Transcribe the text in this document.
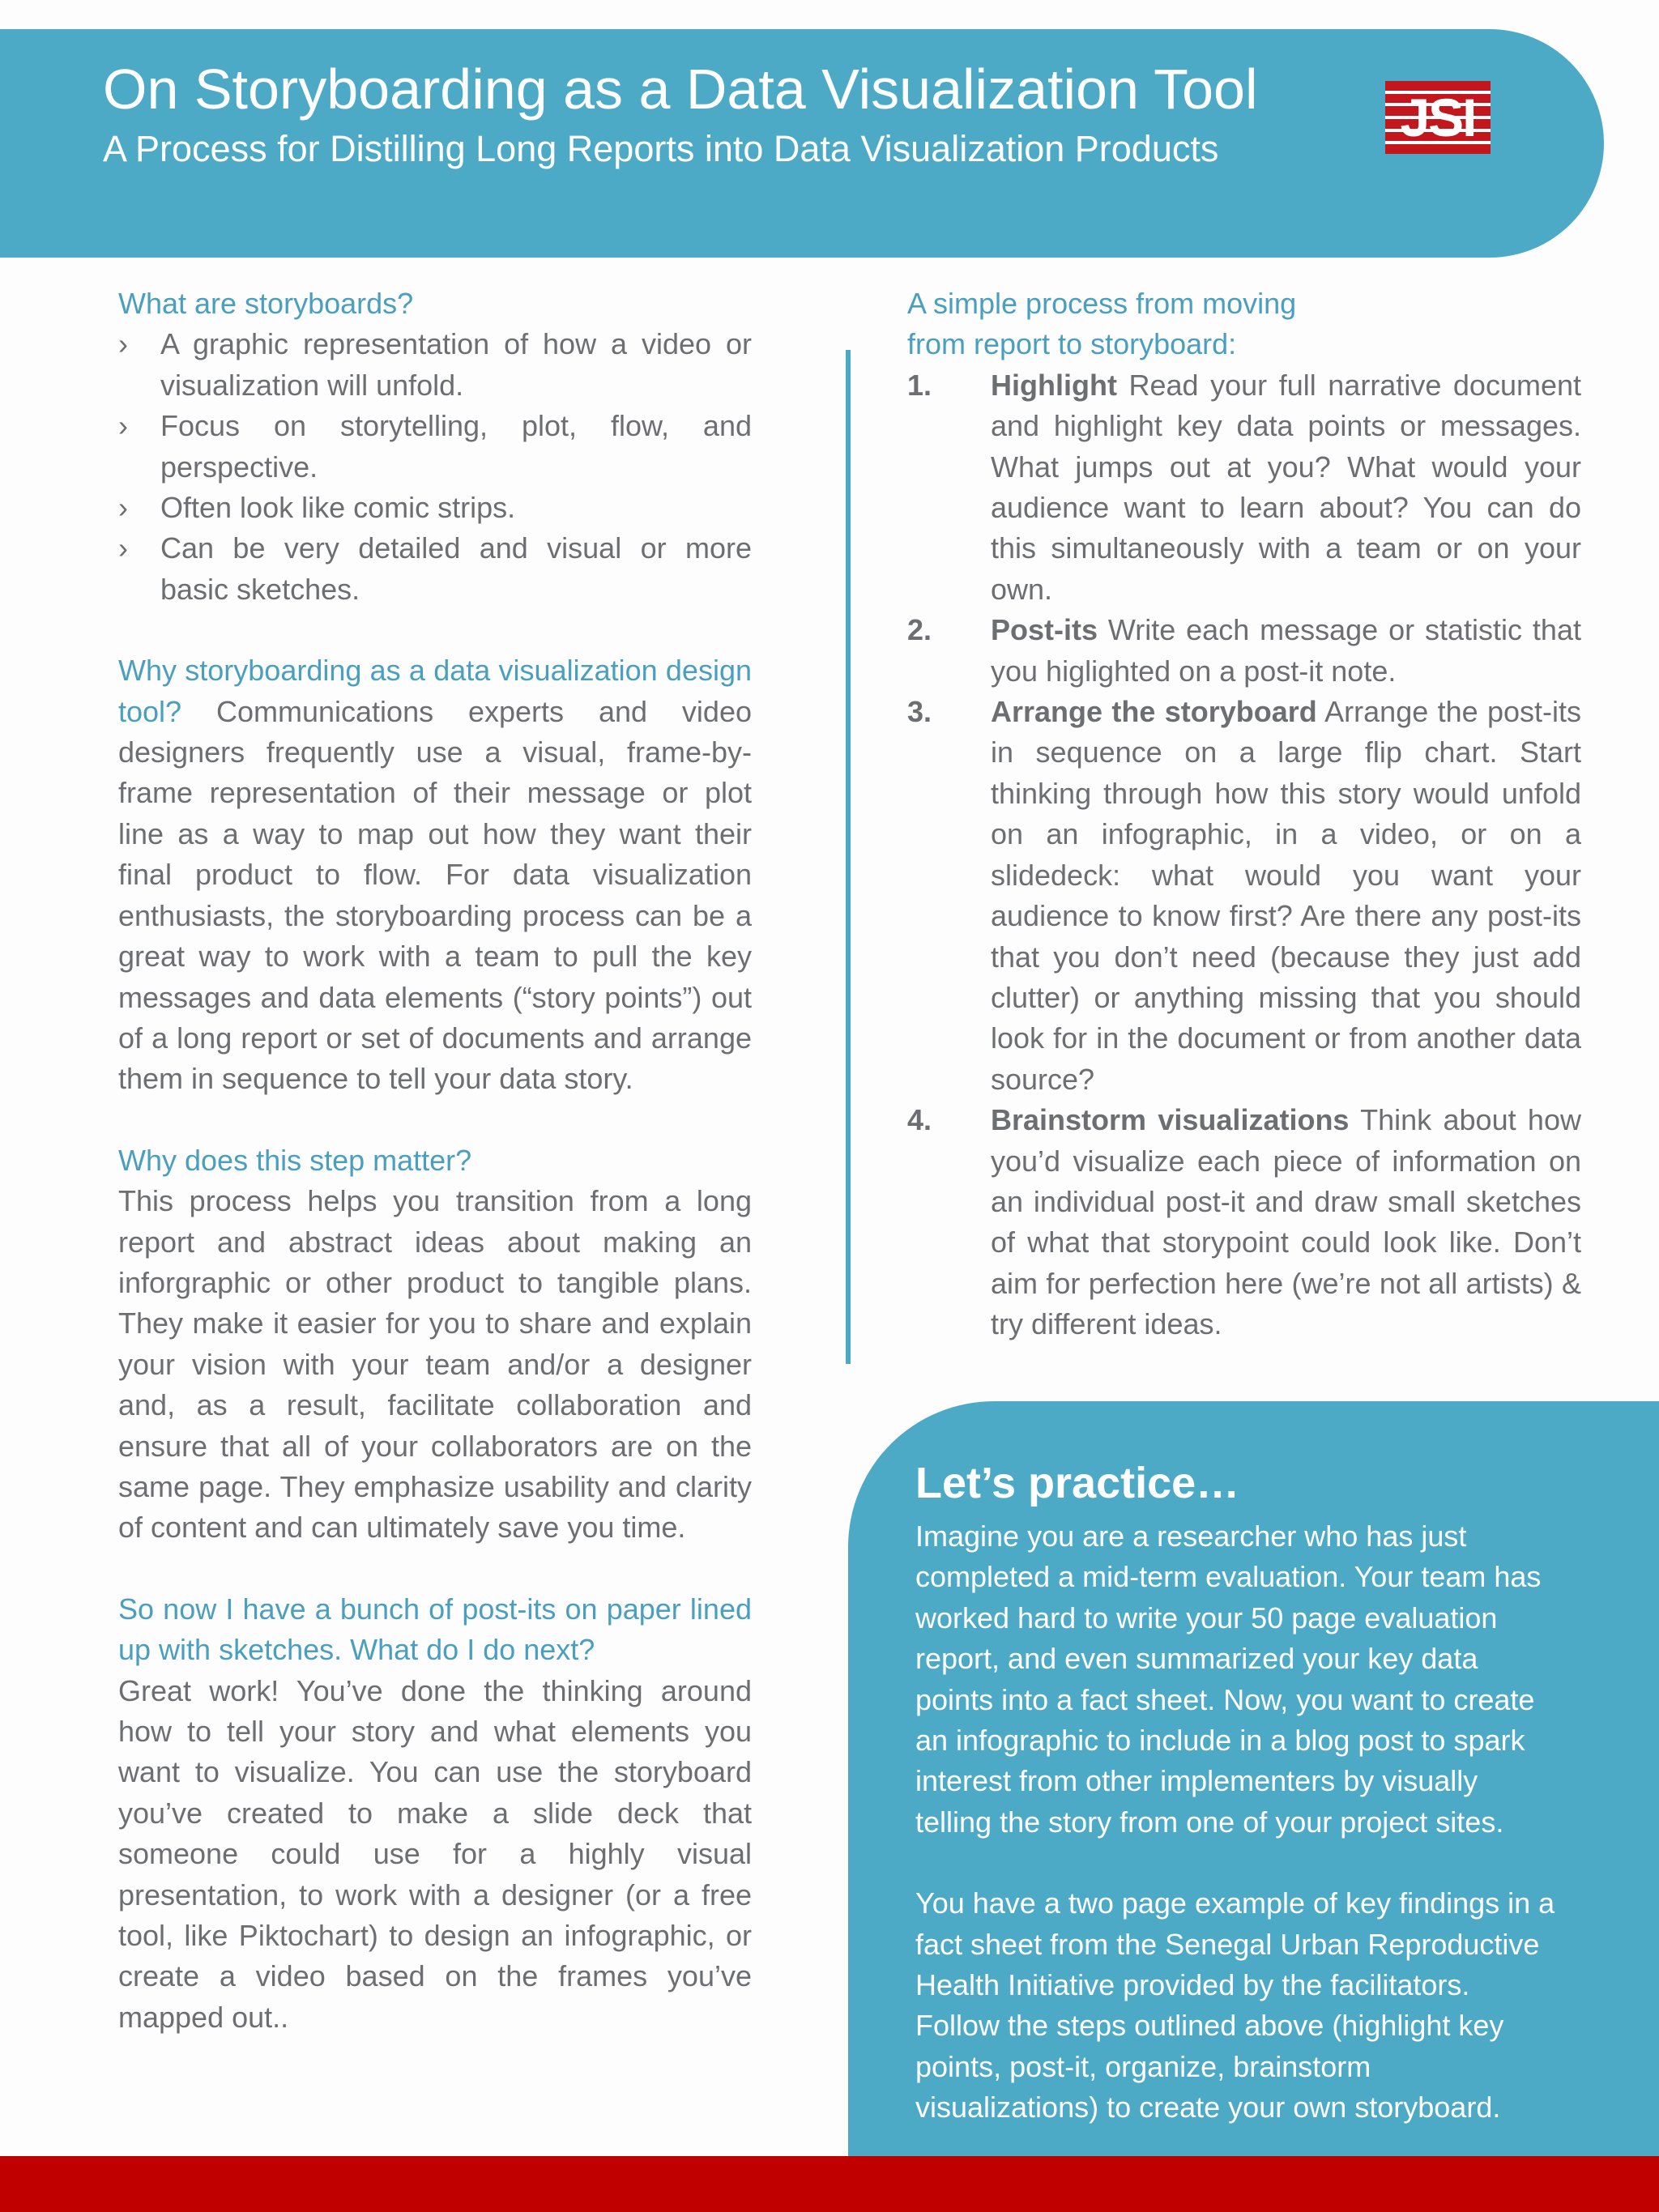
On Storyboarding as a Data Visualization Tool
A Process for Distilling Long Reports into Data Visualization Products
JSI
What are storyboards?
› A graphic representation of how a video or visualization will unfold.
› Focus on storytelling, plot, flow, and perspective.
› Often look like comic strips.
› Can be very detailed and visual or more basic sketches.
Why storyboarding as a data visualization design tool? Communications experts and video designers frequently use a visual, frame-by-frame representation of their message or plot line as a way to map out how they want their final product to flow. For data visualization enthusiasts, the storyboarding process can be a great way to work with a team to pull the key messages and data elements (“story points”) out of a long report or set of documents and arrange them in sequence to tell your data story.
Why does this step matter?
This process helps you transition from a long report and abstract ideas about making an inforgraphic or other product to tangible plans. They make it easier for you to share and explain your vision with your team and/or a designer and, as a result, facilitate collaboration and ensure that all of your collaborators are on the same page. They emphasize usability and clarity of content and can ultimately save you time.
So now I have a bunch of post-its on paper lined up with sketches. What do I do next?
Great work! You’ve done the thinking around how to tell your story and what elements you want to visualize. You can use the storyboard you’ve created to make a slide deck that someone could use for a highly visual presentation, to work with a designer (or a free tool, like Piktochart) to design an infographic, or create a video based on the frames you’ve mapped out..
A simple process from moving
from report to storyboard:
1. Highlight Read your full narrative document and highlight key data points or messages. What jumps out at you? What would your audience want to learn about? You can do this simultaneously with a team or on your own.
2. Post-its Write each message or statistic that you higlighted on a post-it note.
3. Arrange the storyboard Arrange the post-its in sequence on a large flip chart. Start thinking through how this story would unfold on an infographic, in a video, or on a slidedeck: what would you want your audience to know first? Are there any post-its that you don’t need (because they just add clutter) or anything missing that you should look for in the document or from another data source?
4. Brainstorm visualizations Think about how you’d visualize each piece of information on an individual post-it and draw small sketches of what that storypoint could look like. Don’t aim for perfection here (we’re not all artists) & try different ideas.
Let’s practice…
Imagine you are a researcher who has just
completed a mid-term evaluation. Your team has
worked hard to write your 50 page evaluation
report, and even summarized your key data
points into a fact sheet. Now, you want to create
an infographic to include in a blog post to spark
interest from other implementers by visually
telling the story from one of your project sites.
You have a two page example of key findings in a
fact sheet from the Senegal Urban Reproductive
Health Initiative provided by the facilitators.
Follow the steps outlined above (highlight key
points, post-it, organize, brainstorm
visualizations) to create your own storyboard.
